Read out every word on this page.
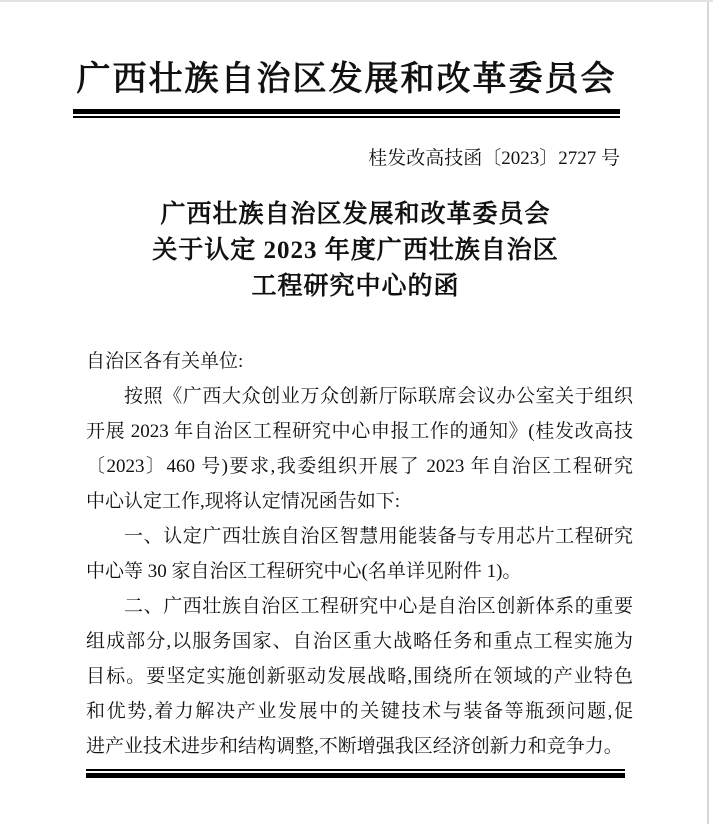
广西壮族自治区发展和改革委员会
桂发改高技函〔2023〕2727 号
广西壮族自治区发展和改革委员会
关于认定 2023 年度广西壮族自治区
工程研究中心的函
自治区各有关单位:
按照《广西大众创业万众创新厅际联席会议办公室关于组织
开展 2023 年自治区工程研究中心申报工作的通知》(桂发改高技
〔2023〕460 号)要求,我委组织开展了 2023 年自治区工程研究
中心认定工作,现将认定情况函告如下:
一、认定广西壮族自治区智慧用能装备与专用芯片工程研究
中心等 30 家自治区工程研究中心(名单详见附件 1)。
二、广西壮族自治区工程研究中心是自治区创新体系的重要
组成部分,以服务国家、自治区重大战略任务和重点工程实施为
目标。要坚定实施创新驱动发展战略,围绕所在领域的产业特色
和优势,着力解决产业发展中的关键技术与装备等瓶颈问题,促
进产业技术进步和结构调整,不断增强我区经济创新力和竞争力。
